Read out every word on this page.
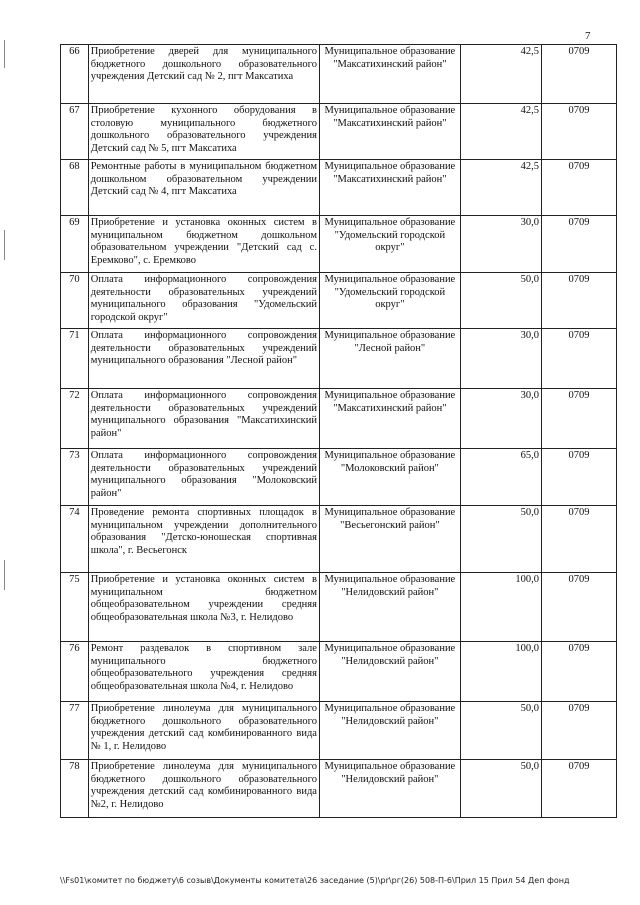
7
66	Приобретение дверей для муниципального бюджетного дошкольного образовательного учреждения Детский сад № 2, пгт Максатиха	Муниципальное образование "Максатихинский район"	42,5	0709
67	Приобретение кухонного оборудования в столовую муниципального бюджетного дошкольного образовательного учреждения Детский сад № 5, пгт Максатиха	Муниципальное образование "Максатихинский район"	42,5	0709
68	Ремонтные работы в муниципальном бюджетном дошкольном образовательном учреждении Детский сад № 4, пгт Максатиха	Муниципальное образование "Максатихинский район"	42,5	0709
69	Приобретение и установка оконных систем в муниципальном бюджетном дошкольном образовательном учреждении "Детский сад с. Еремково", с. Еремково	Муниципальное образование "Удомельский городской округ"	30,0	0709
70	Оплата информационного сопровождения деятельности образовательных учреждений муниципального образования "Удомельский городской округ"	Муниципальное образование "Удомельский городской округ"	50,0	0709
71	Оплата информационного сопровождения деятельности образовательных учреждений муниципального образования "Лесной район"	Муниципальное образование "Лесной район"	30,0	0709
72	Оплата информационного сопровождения деятельности образовательных учреждений муниципального образования "Максатихинский район"	Муниципальное образование "Максатихинский район"	30,0	0709
73	Оплата информационного сопровождения деятельности образовательных учреждений муниципального образования "Молоковский район"	Муниципальное образование "Молоковский район"	65,0	0709
74	Проведение ремонта спортивных площадок в муниципальном учреждении дополнительного образования "Детско-юношеская спортивная школа", г. Весьегонск	Муниципальное образование "Весьегонский район"	50,0	0709
75	Приобретение и установка оконных систем в муниципальном бюджетном общеобразовательном учреждении средняя общеобразовательная школа №3, г. Нелидово	Муниципальное образование "Нелидовский район"	100,0	0709
76	Ремонт раздевалок в спортивном зале муниципального бюджетного общеобразовательного учреждения средняя общеобразовательная школа №4, г. Нелидово	Муниципальное образование "Нелидовский район"	100,0	0709
77	Приобретение линолеума для муниципального бюджетного дошкольного образовательного учреждения детский сад комбинированного вида № 1, г. Нелидово	Муниципальное образование "Нелидовский район"	50,0	0709
78	Приобретение линолеума для муниципального бюджетного дошкольного образовательного учреждения детский сад комбинированного вида №2, г. Нелидово	Муниципальное образование "Нелидовский район"	50,0	0709
\\Fs01\комитет по бюджету\6 созыв\Документы комитета\26 заседание (5)\pr\рг(26) 508-П-6\Прил 15 Прил 54 Деп фонд
